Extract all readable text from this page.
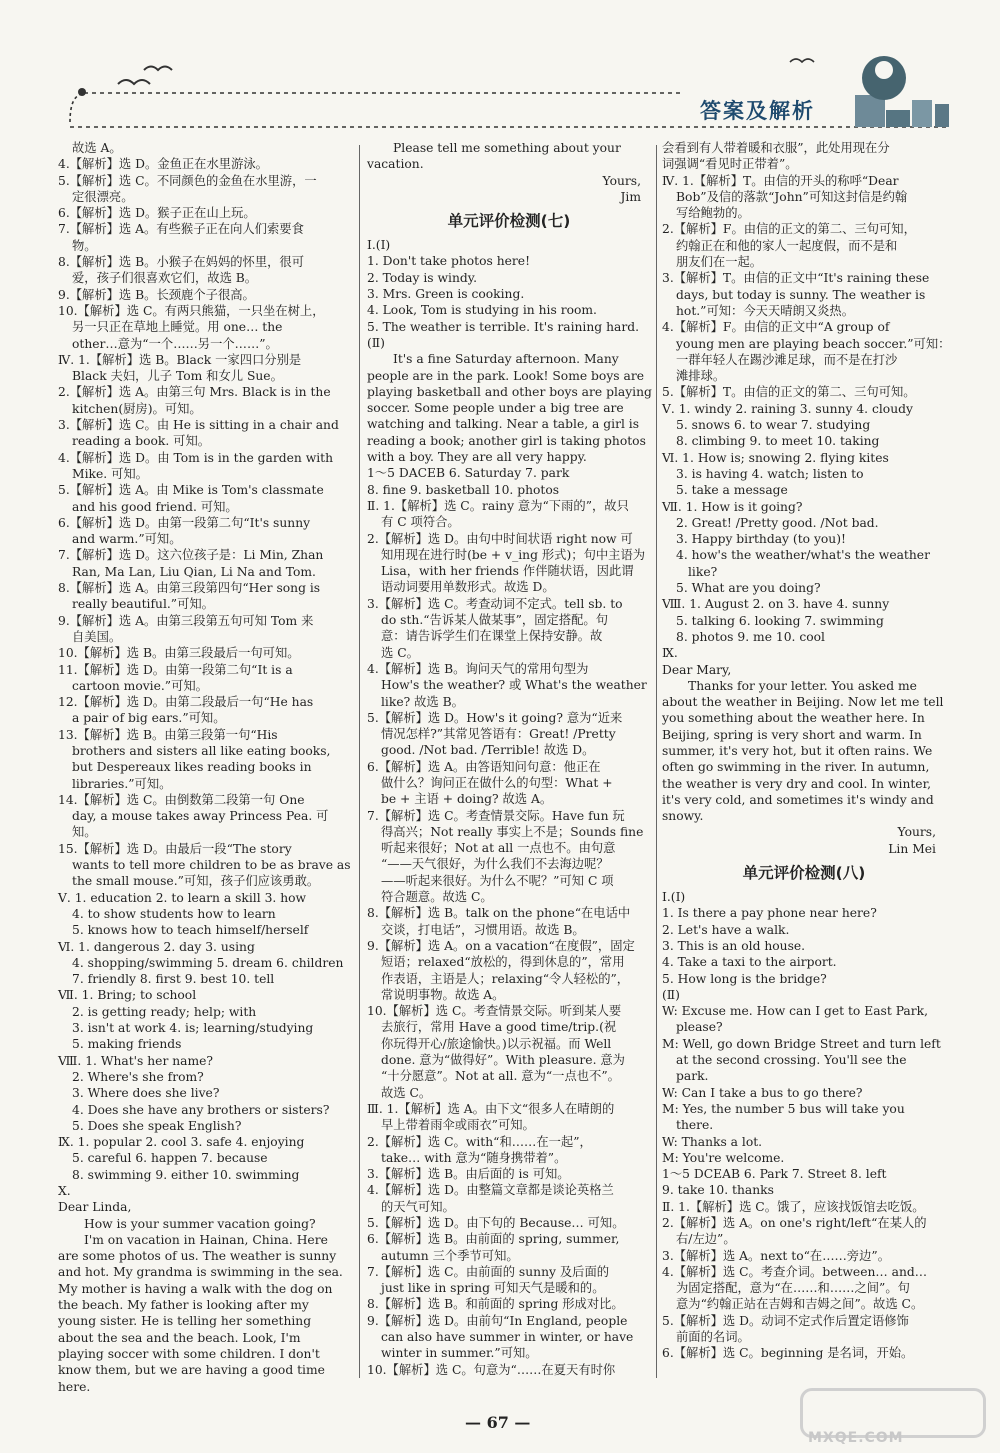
答案及解析
故选 A。
4.【解析】选 D。金鱼正在水里游泳。
5.【解析】选 C。不同颜色的金鱼在水里游，一
定很漂亮。
6.【解析】选 D。猴子正在山上玩。
7.【解析】选 A。有些猴子正在向人们索要食
物。
8.【解析】选 B。小猴子在妈妈的怀里，很可
爱，孩子们很喜欢它们，故选 B。
9.【解析】选 B。长颈鹿个子很高。
10.【解析】选 C。有两只熊猫，一只坐在树上，
另一只正在草地上睡觉。用 one… the
other…意为“一个……另一个……”。
Ⅳ. 1.【解析】选 B。Black 一家四口分别是
Black 夫妇，儿子 Tom 和女儿 Sue。
2.【解析】选 A。由第三句 Mrs. Black is in the
kitchen(厨房)。可知。
3.【解析】选 C。由 He is sitting in a chair and
reading a book. 可知。
4.【解析】选 D。由 Tom is in the garden with
Mike. 可知。
5.【解析】选 A。由 Mike is Tom's classmate
and his good friend. 可知。
6.【解析】选 D。由第一段第二句“It's sunny
and warm.”可知。
7.【解析】选 D。这六位孩子是：Li Min, Zhan
Ran, Ma Lan, Liu Qian, Li Na and Tom.
8.【解析】选 A。由第三段第四句“Her song is
really beautiful.”可知。
9.【解析】选 A。由第三段第五句可知 Tom 来
自美国。
10.【解析】选 B。由第三段最后一句可知。
11.【解析】选 D。由第一段第二句“It is a
cartoon movie.”可知。
12.【解析】选 D。由第二段最后一句“He has
a pair of big ears.”可知。
13.【解析】选 B。由第三段第一句“His
brothers and sisters all like eating books,
but Despereaux likes reading books in
libraries.”可知。
14.【解析】选 C。由倒数第二段第一句 One
day, a mouse takes away Princess Pea. 可
知。
15.【解析】选 D。由最后一段“The story
wants to tell more children to be as brave as
the small mouse.”可知，孩子们应该勇敢。
Ⅴ. 1. education 2. to learn a skill 3. how
4. to show students how to learn
5. knows how to teach himself/herself
Ⅵ. 1. dangerous 2. day 3. using
4. shopping/swimming 5. dream 6. children
7. friendly 8. first 9. best 10. tell
Ⅶ. 1. Bring; to school
2. is getting ready; help; with
3. isn't at work 4. is; learning/studying
5. making friends
Ⅷ. 1. What's her name?
2. Where's she from?
3. Where does she live?
4. Does she have any brothers or sisters?
5. Does she speak English?
Ⅸ. 1. popular 2. cool 3. safe 4. enjoying
5. careful 6. happen 7. because
8. swimming 9. either 10. swimming
Ⅹ.
Dear Linda,
How is your summer vacation going?
I'm on vacation in Hainan, China. Here
are some photos of us. The weather is sunny
and hot. My grandma is swimming in the sea.
My mother is having a walk with the dog on
the beach. My father is looking after my
young sister. He is telling her something
about the sea and the beach. Look, I'm
playing soccer with some children. I don't
know them, but we are having a good time
here.
Please tell me something about your
vacation.
Yours,
Jim
单元评价检测(七)
Ⅰ.(Ⅰ)
1. Don't take photos here!
2. Today is windy.
3. Mrs. Green is cooking.
4. Look, Tom is studying in his room.
5. The weather is terrible. It's raining hard.
(Ⅱ)
It's a fine Saturday afternoon. Many
people are in the park. Look! Some boys are
playing basketball and other boys are playing
soccer. Some people under a big tree are
watching and talking. Near a table, a girl is
reading a book; another girl is taking photos
with a boy. They are all very happy.
1～5 DACEB 6. Saturday 7. park
8. fine 9. basketball 10. photos
Ⅱ. 1.【解析】选 C。rainy 意为“下雨的”，故只
有 C 项符合。
2.【解析】选 D。由句中时间状语 right now 可
知用现在进行时(be + v_ing 形式)；句中主语为
Lisa，with her friends 作伴随状语，因此谓
语动词要用单数形式。故选 D。
3.【解析】选 C。考查动词不定式。tell sb. to
do sth.“告诉某人做某事”，固定搭配。句
意：请告诉学生们在课堂上保持安静。故
选 C。
4.【解析】选 B。询问天气的常用句型为
How's the weather? 或 What's the weather
like? 故选 B。
5.【解析】选 D。How's it going? 意为“近来
情况怎样?”其常见答语有：Great! /Pretty
good. /Not bad. /Terrible! 故选 D。
6.【解析】选 A。由答语知问句意：他正在
做什么？询问正在做什么的句型：What +
be + 主语 + doing? 故选 A。
7.【解析】选 C。考查情景交际。Have fun 玩
得高兴；Not really 事实上不是；Sounds fine
听起来很好；Not at all 一点也不。由句意
“——天气很好，为什么我们不去海边呢？
——听起来很好。为什么不呢？”可知 C 项
符合题意。故选 C。
8.【解析】选 B。talk on the phone“在电话中
交谈，打电话”，习惯用语。故选 B。
9.【解析】选 A。on a vacation“在度假”，固定
短语；relaxed“放松的，得到休息的”，常用
作表语，主语是人；relaxing“令人轻松的”，
常说明事物。故选 A。
10.【解析】选 C。考查情景交际。听到某人要
去旅行，常用 Have a good time/trip.(祝
你玩得开心/旅途愉快。)以示祝福。而 Well
done. 意为“做得好”。With pleasure. 意为
“十分愿意”。Not at all. 意为“一点也不”。
故选 C。
Ⅲ. 1.【解析】选 A。由下文“很多人在晴朗的
早上带着雨伞或雨衣”可知。
2.【解析】选 C。with“和……在一起”，
take… with 意为“随身携带着”。
3.【解析】选 B。由后面的 is 可知。
4.【解析】选 D。由整篇文章都是谈论英格兰
的天气可知。
5.【解析】选 D。由下句的 Because… 可知。
6.【解析】选 B。由前面的 spring, summer,
autumn 三个季节可知。
7.【解析】选 C。由前面的 sunny 及后面的
just like in spring 可知天气是暖和的。
8.【解析】选 B。和前面的 spring 形成对比。
9.【解析】选 D。由前句“In England, people
can also have summer in winter, or have
winter in summer.”可知。
10.【解析】选 C。句意为“……在夏天有时你
会看到有人带着暖和衣服”，此处用现在分
词强调“看见时正带着”。
Ⅳ. 1.【解析】T。由信的开头的称呼“Dear
Bob”及信的落款“John”可知这封信是约翰
写给鲍勃的。
2.【解析】F。由信的正文的第二、三句可知，
约翰正在和他的家人一起度假，而不是和
朋友们在一起。
3.【解析】T。由信的正文中“It's raining these
days, but today is sunny. The weather is
hot.”可知：今天天晴朗又炎热。
4.【解析】F。由信的正文中“A group of
young men are playing beach soccer.”可知：
一群年轻人在踢沙滩足球，而不是在打沙
滩排球。
5.【解析】T。由信的正文的第二、三句可知。
Ⅴ. 1. windy 2. raining 3. sunny 4. cloudy
5. snows 6. to wear 7. studying
8. climbing 9. to meet 10. taking
Ⅵ. 1. How is; snowing 2. flying kites
3. is having 4. watch; listen to
5. take a message
Ⅶ. 1. How is it going?
2. Great! /Pretty good. /Not bad.
3. Happy birthday (to you)!
4. how's the weather/what's the weather
like?
5. What are you doing?
Ⅷ. 1. August 2. on 3. have 4. sunny
5. talking 6. looking 7. swimming
8. photos 9. me 10. cool
Ⅸ.
Dear Mary,
Thanks for your letter. You asked me
about the weather in Beijing. Now let me tell
you something about the weather here. In
Beijing, spring is very short and warm. In
summer, it's very hot, but it often rains. We
often go swimming in the river. In autumn,
the weather is very dry and cool. In winter,
it's very cold, and sometimes it's windy and
snowy.
Yours,
Lin Mei
单元评价检测(八)
Ⅰ.(Ⅰ)
1. Is there a pay phone near here?
2. Let's have a walk.
3. This is an old house.
4. Take a taxi to the airport.
5. How long is the bridge?
(Ⅱ)
W: Excuse me. How can I get to East Park,
please?
M: Well, go down Bridge Street and turn left
at the second crossing. You'll see the
park.
W: Can I take a bus to go there?
M: Yes, the number 5 bus will take you
there.
W: Thanks a lot.
M: You're welcome.
1～5 DCEAB 6. Park 7. Street 8. left
9. take 10. thanks
Ⅱ. 1.【解析】选 C。饿了，应该找饭馆去吃饭。
2.【解析】选 A。on one's right/left“在某人的
右/左边”。
3.【解析】选 A。next to“在……旁边”。
4.【解析】选 C。考查介词。between… and…
为固定搭配，意为“在……和……之间”。句
意为“约翰正站在吉姆和吉姆之间”。故选 C。
5.【解析】选 D。动词不定式作后置定语修饰
前面的名词。
6.【解析】选 C。beginning 是名词，开始。
— 67 —
MXQE.COM
